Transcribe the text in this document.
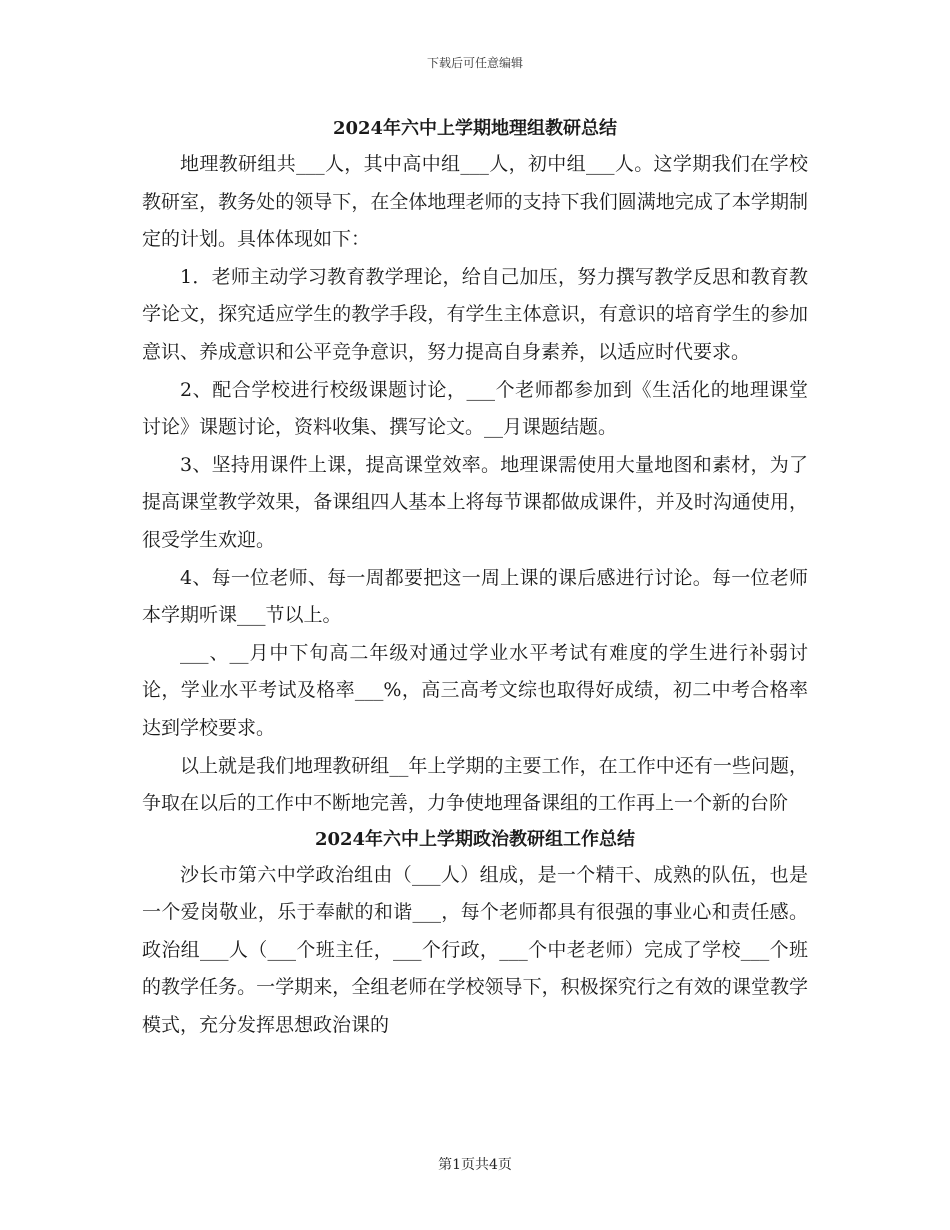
下载后可任意编辑
2024年六中上学期地理组教研总结

地理教研组共___人，其中高中组___人，初中组___人。这学期我们在学校教研室，教务处的领导下，在全体地理老师的支持下我们圆满地完成了本学期制定的计划。具体体现如下：

1．老师主动学习教育教学理论，给自己加压，努力撰写教学反思和教育教学论文，探究适应学生的教学手段，有学生主体意识，有意识的培育学生的参加意识、养成意识和公平竞争意识，努力提高自身素养，以适应时代要求。

2、配合学校进行校级课题讨论，___个老师都参加到《生活化的地理课堂讨论》课题讨论，资料收集、撰写论文。__月课题结题。

3、坚持用课件上课，提高课堂效率。地理课需使用大量地图和素材，为了提高课堂教学效果，备课组四人基本上将每节课都做成课件，并及时沟通使用，很受学生欢迎。

4、每一位老师、每一周都要把这一周上课的课后感进行讨论。每一位老师本学期听课___节以上。

___、__月中下旬高二年级对通过学业水平考试有难度的学生进行补弱讨论，学业水平考试及格率___%，高三高考文综也取得好成绩，初二中考合格率达到学校要求。

以上就是我们地理教研组__年上学期的主要工作，在工作中还有一些问题，争取在以后的工作中不断地完善，力争使地理备课组的工作再上一个新的台阶

2024年六中上学期政治教研组工作总结

沙长市第六中学政治组由（___人）组成，是一个精干、成熟的队伍，也是一个爱岗敬业，乐于奉献的和谐___，每个老师都具有很强的事业心和责任感。政治组___人（___个班主任，___个行政，___个中老老师）完成了学校___个班的教学任务。一学期来，全组老师在学校领导下，积极探究行之有效的课堂教学模式，充分发挥思想政治课的

第1页共4页
